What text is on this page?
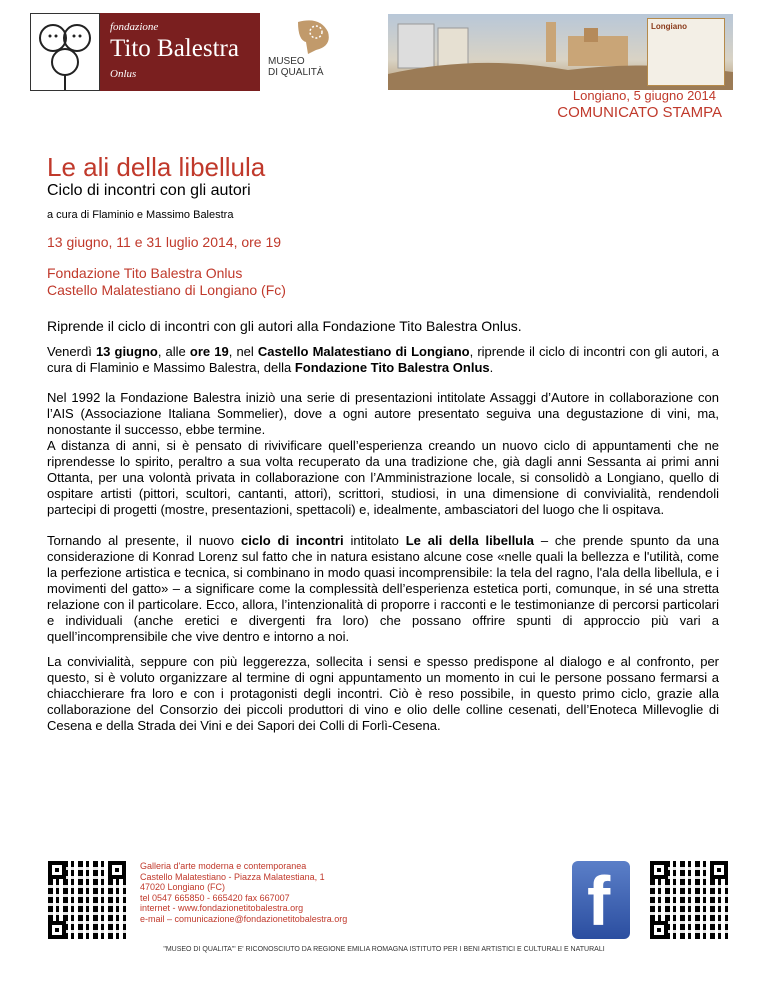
fondazione
Tito Balestra
Onlus
MUSEO
DI QUALITÀ
Longiano
Longiano, 5 giugno 2014
COMUNICATO STAMPA
Le ali della libellula
Ciclo di incontri con gli autori
a cura di Flaminio e Massimo Balestra
13 giugno, 11 e 31 luglio 2014, ore 19
Fondazione Tito Balestra Onlus
Castello Malatestiano di Longiano (Fc)
Riprende il ciclo di incontri con gli autori alla Fondazione Tito Balestra Onlus.

Venerdì 13 giugno, alle ore 19, nel Castello Malatestiano di Longiano, riprende il ciclo di incontri con gli autori, a cura di Flaminio e Massimo Balestra, della Fondazione Tito Balestra Onlus.

Nel 1992 la Fondazione Balestra iniziò una serie di presentazioni intitolate Assaggi d’Autore in collaborazione con l’AIS (Associazione Italiana Sommelier), dove a ogni autore presentato seguiva una degustazione di vini, ma, nonostante il successo, ebbe termine.

A distanza di anni, si è pensato di rivivificare quell’esperienza creando un nuovo ciclo di appuntamenti che ne riprendesse lo spirito, peraltro a sua volta recuperato da una tradizione che, già dagli anni Sessanta ai primi anni Ottanta, per una volontà privata in collaborazione con l’Amministrazione locale, si consolidò a Longiano, quello di ospitare artisti (pittori, scultori, cantanti, attori), scrittori, studiosi, in una dimensione di convivialità, rendendoli partecipi di progetti (mostre, presentazioni, spettacoli) e, idealmente, ambasciatori del luogo che li ospitava.

Tornando al presente, il nuovo ciclo di incontri intitolato Le ali della libellula – che prende spunto da una considerazione di Konrad Lorenz sul fatto che in natura esistano alcune cose «nelle quali la bellezza e l'utilità, come la perfezione artistica e tecnica, si combinano in modo quasi incomprensibile: la tela del ragno, l'ala della libellula, e i movimenti del gatto» – a significare come la complessità dell’esperienza estetica porti, comunque, in sé una stretta relazione con il particolare. Ecco, allora, l’intenzionalità di proporre i racconti e le testimonianze di percorsi particolari e individuali (anche eretici e divergenti fra loro) che possano offrire spunti di approccio più vari a quell’incomprensibile che vive dentro e intorno a noi.

La convivialità, seppure con più leggerezza, sollecita i sensi e spesso predispone al dialogo e al confronto, per questo, si è voluto organizzare al termine di ogni appuntamento un momento in cui le persone possano fermarsi a chiacchierare fra loro e con i protagonisti degli incontri. Ciò è reso possibile, in questo primo ciclo, grazie alla collaborazione del Consorzio dei piccoli produttori di vino e olio delle colline cesenati, dell’Enoteca Millevoglie di Cesena e della Strada dei Vini e dei Sapori dei Colli di Forlì-Cesena.
Galleria d'arte moderna e contemporanea
Castello Malatestiano - Piazza Malatestiana, 1
47020 Longiano (FC)
tel 0547 665850 - 665420 fax 667007
internet - www.fondazionetitobalestra.org
e-mail – comunicazione@fondazionetitobalestra.org	f
"MUSEO DI QUALITA'" E' RICONOSCIUTO DA REGIONE EMILIA ROMAGNA ISTITUTO PER I BENI ARTISTICI E CULTURALI E NATURALI
